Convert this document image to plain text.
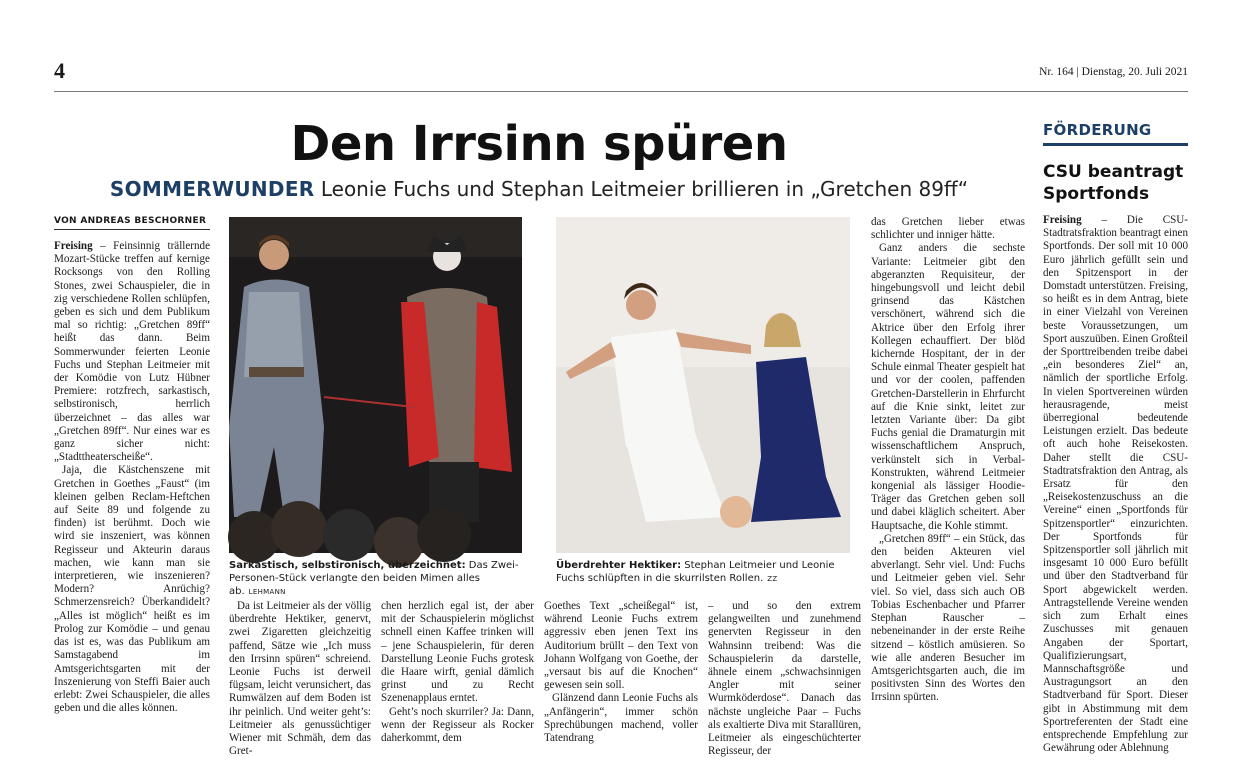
4	Nr. 164 | Dienstag, 20. Juli 2021
Den Irrsinn spüren
SOMMERWUNDER Leonie Fuchs und Stephan Leitmeier brillieren in „Gretchen 89ff“
VON ANDREAS BESCHORNER

Freising – Feinsinnig trällernde Mozart-Stücke treffen auf kernige Rocksongs von den Rolling Stones, zwei Schauspieler, die in zig verschiedene Rollen schlüpfen, geben es sich und dem Publikum mal so richtig: „Gretchen 89ff“ heißt das dann. Beim Sommerwunder feierten Leonie Fuchs und Stephan Leitmeier mit der Komödie von Lutz Hübner Premiere: rotzfrech, sarkastisch, selbstironisch, herrlich überzeichnet – das alles war „Gretchen 89ff“. Nur eines war es ganz sicher nicht: „Stadttheaterscheiße“.

Jaja, die Kästchenszene mit Gretchen in Goethes „Faust“ (im kleinen gelben Reclam-Heftchen auf Seite 89 und folgende zu finden) ist berühmt. Doch wie wird sie inszeniert, was können Regisseur und Akteurin daraus machen, wie kann man sie interpretieren, wie inszenieren? Modern? Anrüchig? Schmerzensreich? Überkandidelt? „Alles ist möglich“ heißt es im Prolog zur Komödie – und genau das ist es, was das Publikum am Samstagabend im Amtsgerichtsgarten mit der Inszenierung von Steffi Baier auch erlebt: Zwei Schauspieler, die alles geben und die alles können.

Sarkastisch, selbstironisch, überzeichnet: Das Zwei-Personen-Stück verlangte den beiden Mimen alles ab. LEHMANN
Überdrehter Hektiker: Stephan Leitmeier und Leonie Fuchs schlüpften in die skurrilsten Rollen. ZZ

Da ist Leitmeier als der völlig überdrehte Hektiker, genervt, zwei Zigaretten gleichzeitig paffend, Sätze wie „Ich muss den Irrsinn spüren“ schreiend. Leonie Fuchs ist derweil fügsam, leicht verunsichert, das Rumwälzen auf dem Boden ist ihr peinlich. Und weiter geht’s: Leitmeier als genussüchtiger Wiener mit Schmäh, dem das Gret-

chen herzlich egal ist, der aber mit der Schauspielerin möglichst schnell einen Kaffee trinken will – jene Schauspielerin, für deren Darstellung Leonie Fuchs grotesk die Haare wirft, genial dämlich grinst und zu Recht Szenenapplaus erntet.

Geht’s noch skurriler? Ja: Dann, wenn der Regisseur als Rocker daherkommt, dem

Goethes Text „scheißegal“ ist, während Leonie Fuchs extrem aggressiv eben jenen Text ins Auditorium brüllt – den Text von Johann Wolfgang von Goethe, der „versaut bis auf die Knochen“ gewesen sein soll.

Glänzend dann Leonie Fuchs als „Anfängerin“, immer schön Sprechübungen machend, voller Tatendrang

– und so den extrem gelangweilten und zunehmend genervten Regisseur in den Wahnsinn treibend: Was die Schauspielerin da darstelle, ähnele einem „schwachsinnigen Angler mit seiner Wurmköderdose“. Danach das nächste ungleiche Paar – Fuchs als exaltierte Diva mit Starallüren, Leitmeier als eingeschüchterter Regisseur, der

das Gretchen lieber etwas schlichter und inniger hätte.

Ganz anders die sechste Variante: Leitmeier gibt den abgeranzten Requisiteur, der hingebungsvoll und leicht debil grinsend das Kästchen verschönert, während sich die Aktrice über den Erfolg ihrer Kollegen echauffiert. Der blöd kichernde Hospitant, der in der Schule einmal Theater gespielt hat und vor der coolen, paffenden Gretchen-Darstellerin in Ehrfurcht auf die Knie sinkt, leitet zur letzten Variante über: Da gibt Fuchs genial die Dramaturgin mit wissenschaftlichem Anspruch, verkünstelt sich in Verbal-Konstrukten, während Leitmeier kongenial als lässiger Hoodie-Träger das Gretchen geben soll und dabei kläglich scheitert. Aber Hauptsache, die Kohle stimmt.

„Gretchen 89ff“ – ein Stück, das den beiden Akteuren viel abverlangt. Sehr viel. Und: Fuchs und Leitmeier geben viel. Sehr viel. So viel, dass sich auch OB Tobias Eschenbacher und Pfarrer Stephan Rauscher – nebeneinander in der erste Reihe sitzend – köstlich amüsieren. So wie alle anderen Besucher im Amtsgerichtsgarten auch, die im positivsten Sinn des Wortes den Irrsinn spürten.

FÖRDERUNG
CSU beantragt Sportfonds

Freising – Die CSU-Stadtratsfraktion beantragt einen Sportfonds. Der soll mit 10 000 Euro jährlich gefüllt sein und den Spitzensport in der Domstadt unterstützen. Freising, so heißt es in dem Antrag, biete in einer Vielzahl von Vereinen beste Voraussetzungen, um Sport auszuüben. Einen Großteil der Sporttreibenden treibe dabei „ein besonderes Ziel“ an, nämlich der sportliche Erfolg. In vielen Sportvereinen würden herausragende, meist überregional bedeutende Leistungen erzielt. Das bedeute oft auch hohe Reisekosten. Daher stellt die CSU-Stadtratsfraktion den Antrag, als Ersatz für den „Reisekostenzuschuss an die Vereine“ einen „Sportfonds für Spitzensportler“ einzurichten. Der Sportfonds für Spitzensportler soll jährlich mit insgesamt 10 000 Euro befüllt und über den Stadtverband für Sport abgewickelt werden. Antragstellende Vereine wenden sich zum Erhalt eines Zuschusses mit genauen Angaben der Sportart, Qualifizierungsart, Mannschaftsgröße und Austragungsort an den Stadtverband für Sport. Dieser gibt in Abstimmung mit dem Sportreferenten der Stadt eine entsprechende Empfehlung zur Gewährung oder Ablehnung
